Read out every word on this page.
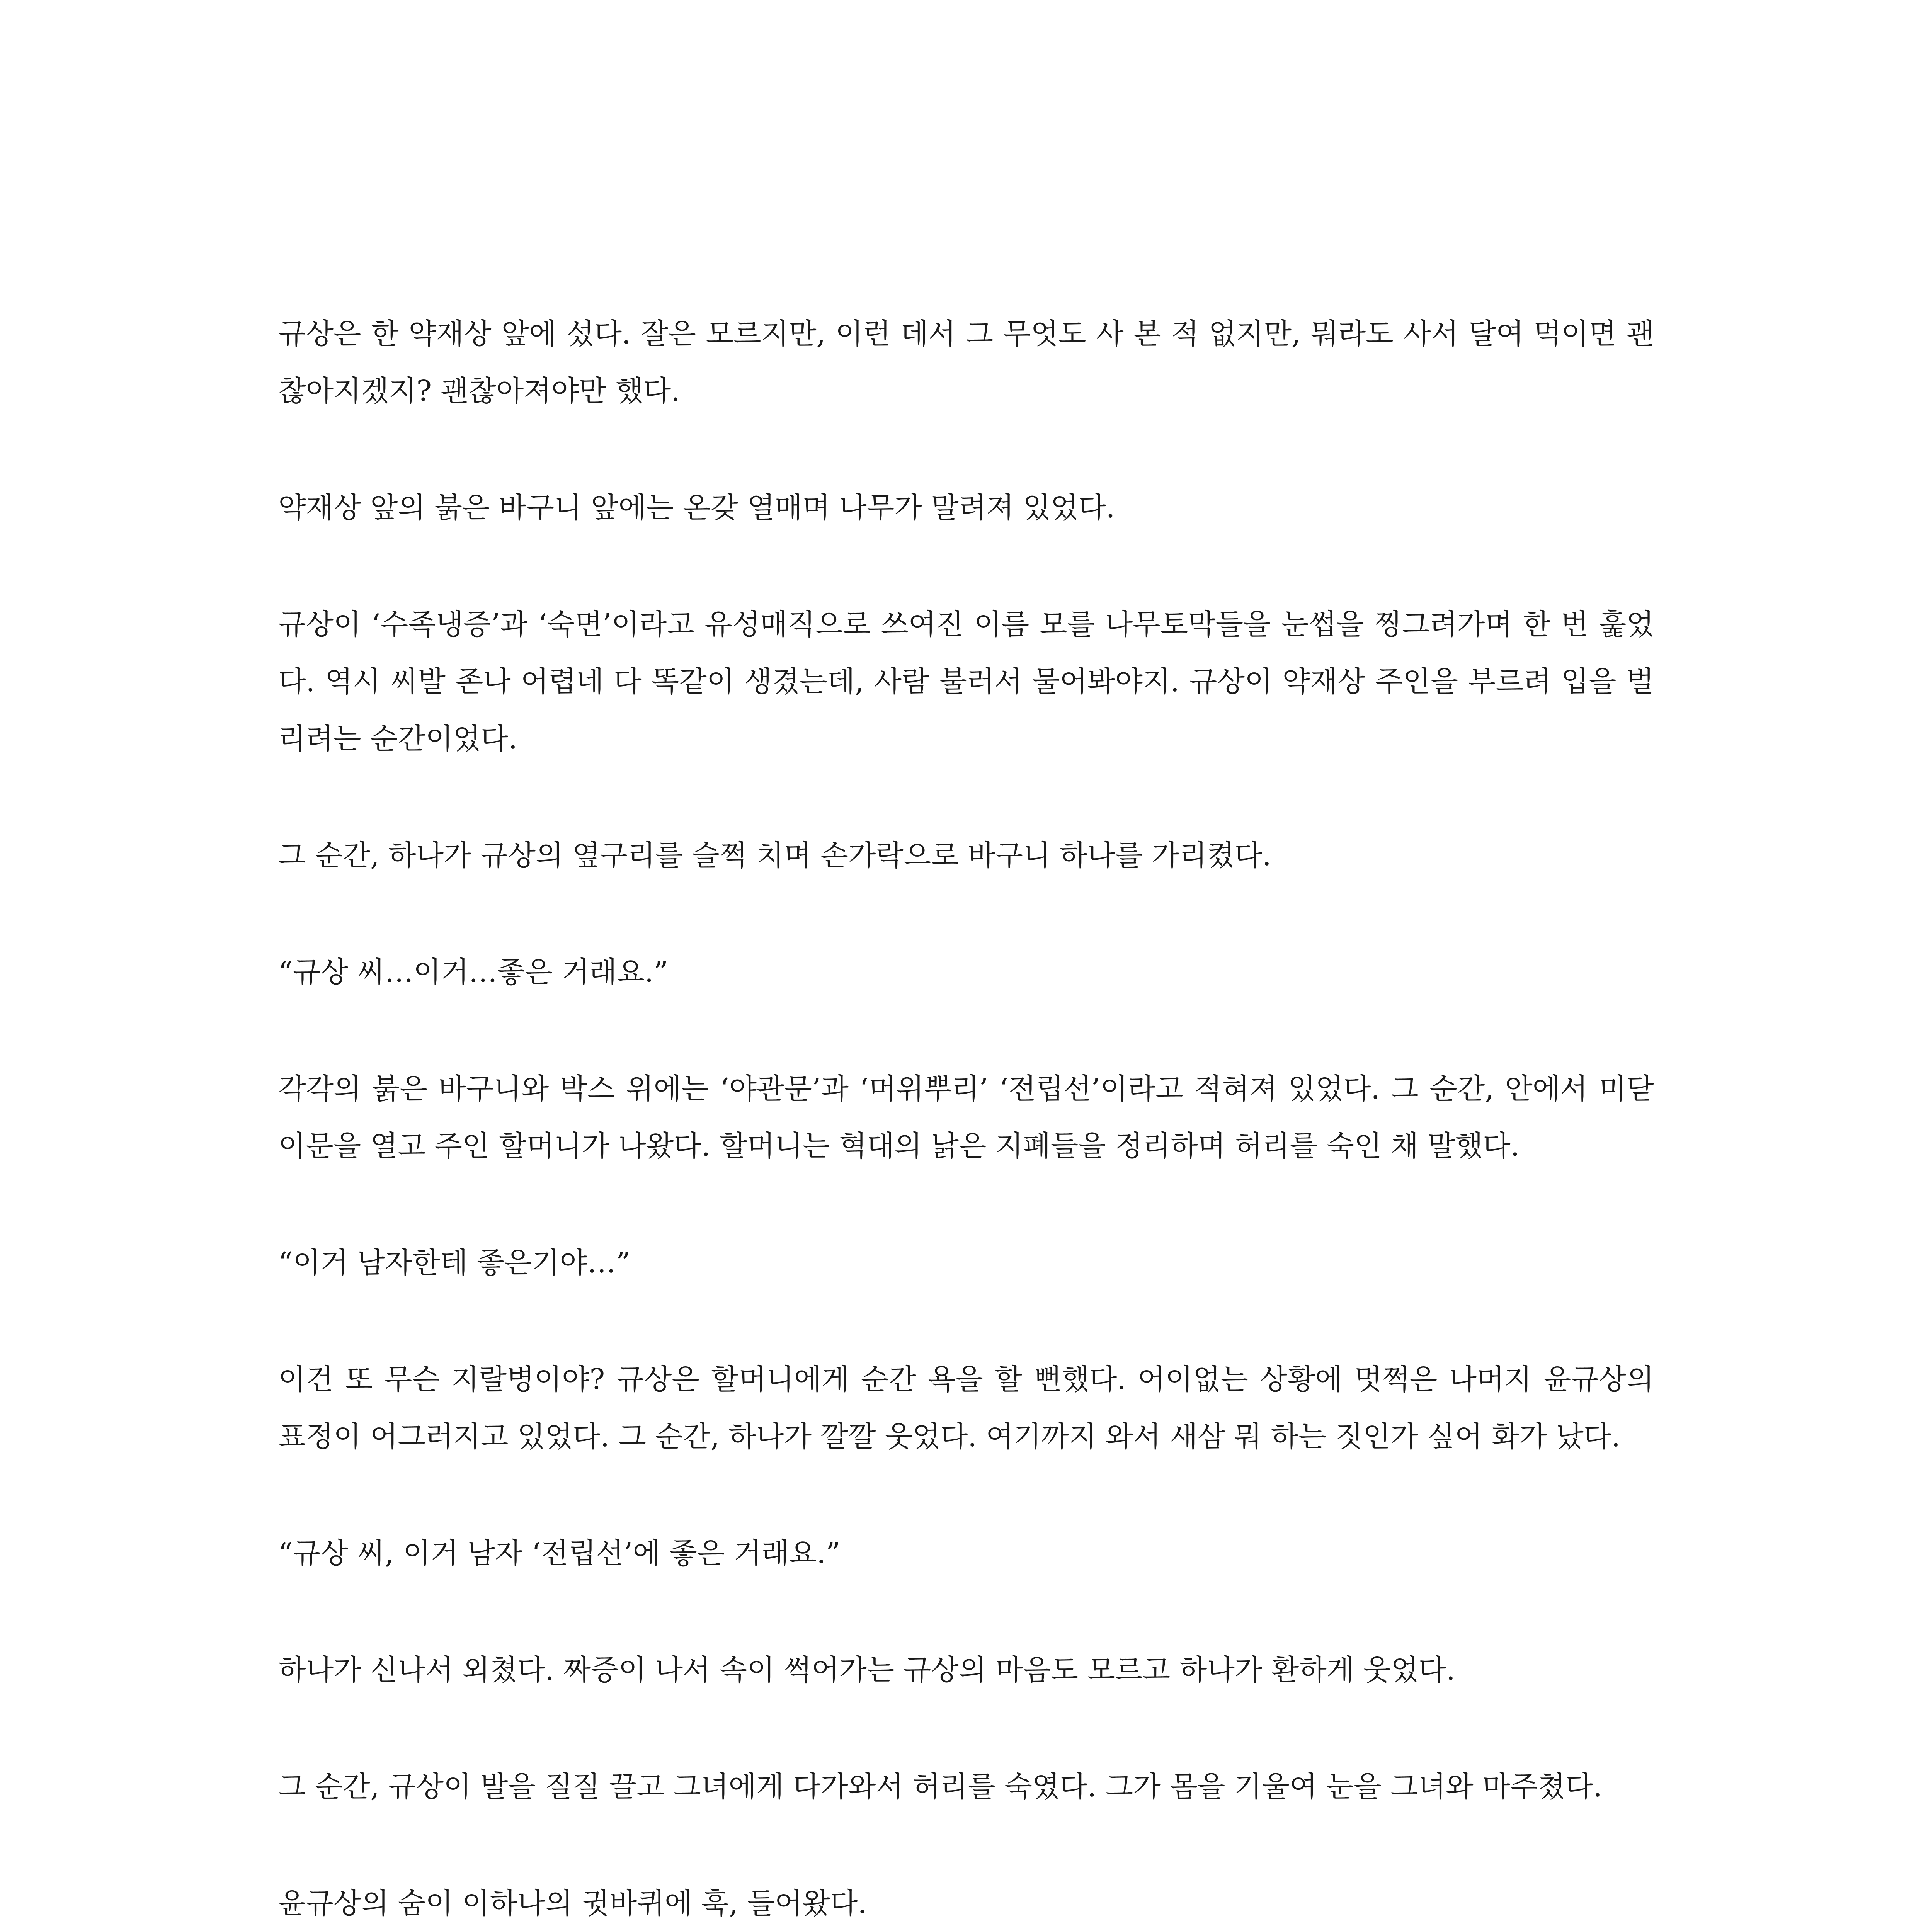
규상은 한 약재상 앞에 섰다. 잘은 모르지만, 이런 데서 그 무엇도 사 본 적 없지만, 뭐라도 사서 달여 먹이면 괜찮아지겠지? 괜찮아져야만 했다.

약재상 앞의 붉은 바구니 앞에는 온갖 열매며 나무가 말려져 있었다.

규상이 ‘수족냉증’과 ‘숙면’이라고 유성매직으로 쓰여진 이름 모를 나무토막들을 눈썹을 찡그려가며 한 번 훑었다. 역시 씨발 존나 어렵네 다 똑같이 생겼는데, 사람 불러서 물어봐야지. 규상이 약재상 주인을 부르려 입을 벌리려는 순간이었다.

그 순간, 하나가 규상의 옆구리를 슬쩍 치며 손가락으로 바구니 하나를 가리켰다.

“규상 씨…이거…좋은 거래요.”

각각의 붉은 바구니와 박스 위에는 ‘야관문’과 ‘머위뿌리’ ‘전립선’이라고 적혀져 있었다. 그 순간, 안에서 미닫이문을 열고 주인 할머니가 나왔다. 할머니는 혁대의 낡은 지폐들을 정리하며 허리를 숙인 채 말했다.

“이거 남자한테 좋은기야…”

이건 또 무슨 지랄병이야? 규상은 할머니에게 순간 욕을 할 뻔했다. 어이없는 상황에 멋쩍은 나머지 윤규상의 표정이 어그러지고 있었다. 그 순간, 하나가 깔깔 웃었다. 여기까지 와서 새삼 뭐 하는 짓인가 싶어 화가 났다.

“규상 씨, 이거 남자 ‘전립선’에 좋은 거래요.”

하나가 신나서 외쳤다. 짜증이 나서 속이 썩어가는 규상의 마음도 모르고 하나가 환하게 웃었다.

그 순간, 규상이 발을 질질 끌고 그녀에게 다가와서 허리를 숙였다. 그가 몸을 기울여 눈을 그녀와 마주쳤다.

윤규상의 숨이 이하나의 귓바퀴에 훅, 들어왔다.
